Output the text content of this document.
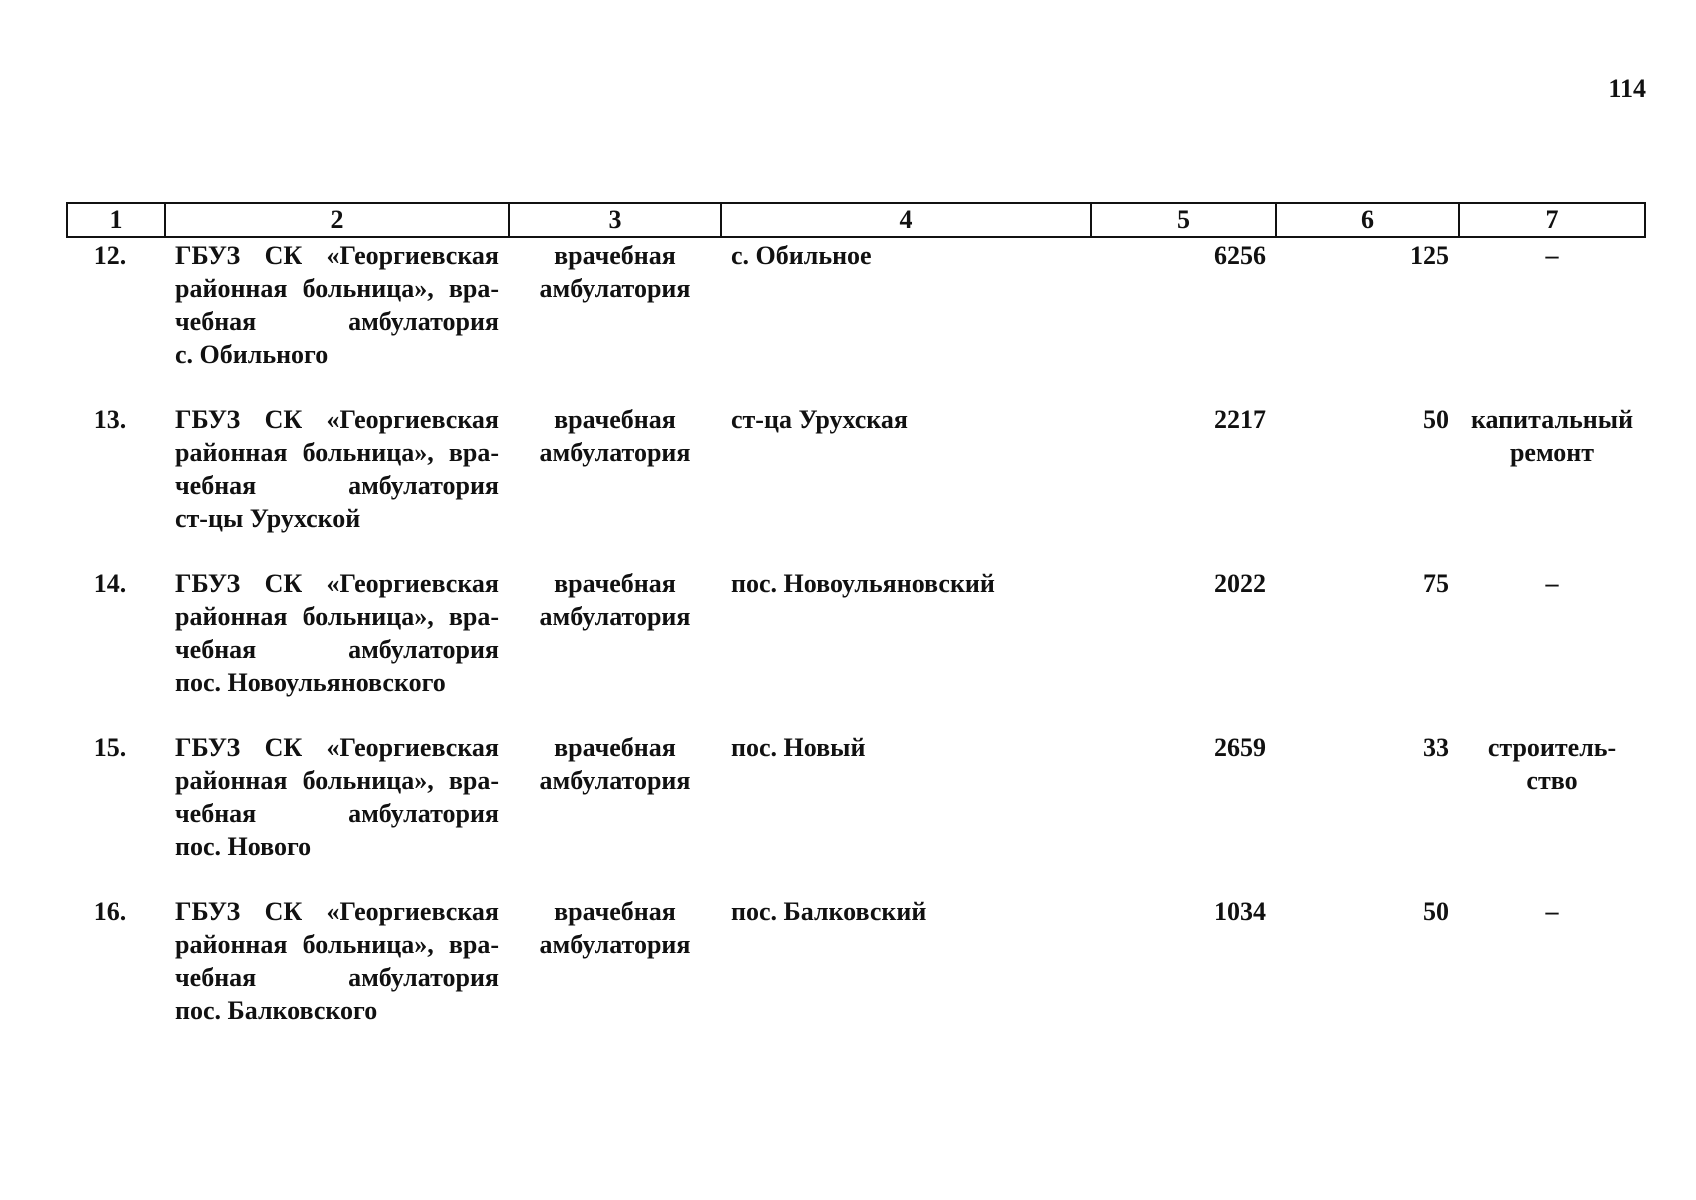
114
1	2	3	4	5	6	7
12.	ГБУЗ СК «Георгиевская
районная больница», вра-
чебная амбулатория
с. Обильного	врачебная
амбулатория	с. Обильное	6256	125	–

13.	ГБУЗ СК «Георгиевская
районная больница», вра-
чебная амбулатория
ст-цы Урухской	врачебная
амбулатория	ст-ца Урухская	2217	50	капитальный
ремонт

14.	ГБУЗ СК «Георгиевская
районная больница», вра-
чебная амбулатория
пос. Новоульяновского	врачебная
амбулатория	пос. Новоульяновский	2022	75	–

15.	ГБУЗ СК «Георгиевская
районная больница», вра-
чебная амбулатория
пос. Нового	врачебная
амбулатория	пос. Новый	2659	33	строитель-
ство

16.	ГБУЗ СК «Георгиевская
районная больница», вра-
чебная амбулатория
пос. Балковского	врачебная
амбулатория	пос. Балковский	1034	50	–
